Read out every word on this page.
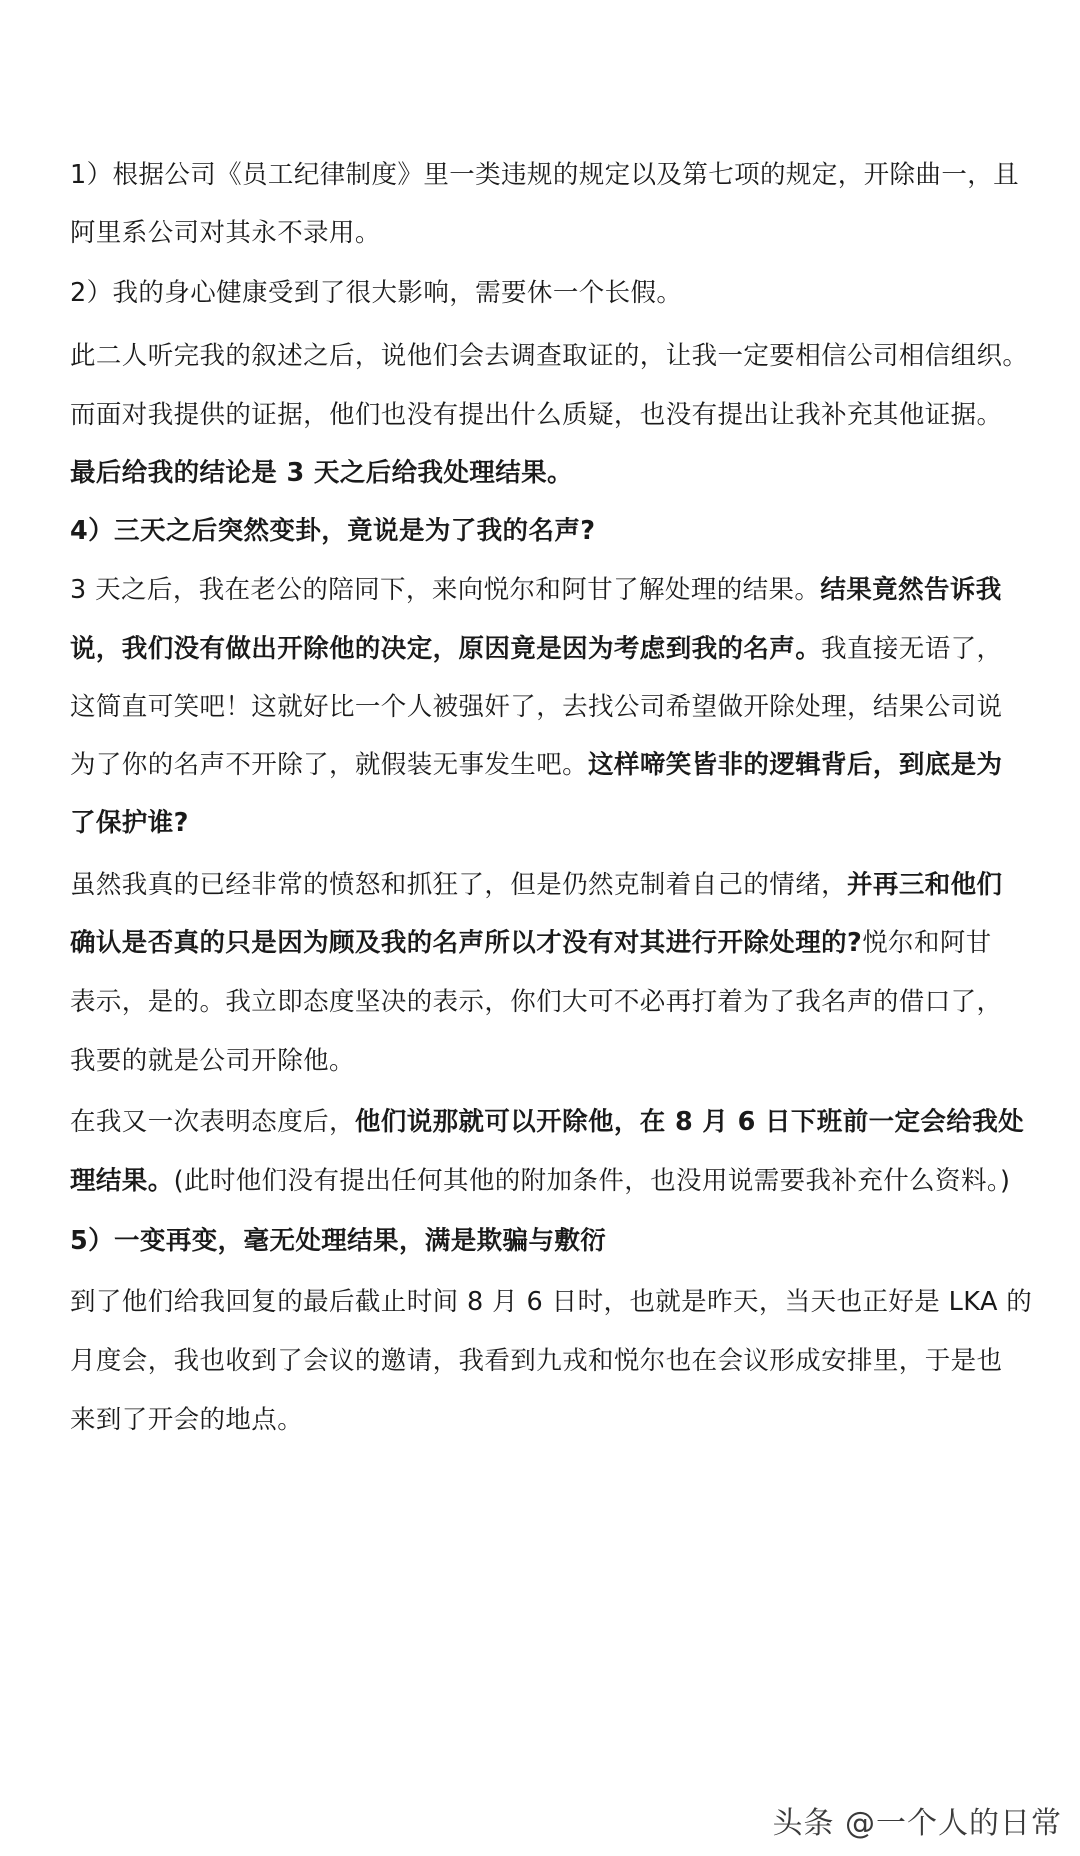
1）根据公司《员工纪律制度》里一类违规的规定以及第七项的规定，开除曲一，且
阿里系公司对其永不录用。
2）我的身心健康受到了很大影响，需要休一个长假。
此二人听完我的叙述之后，说他们会去调查取证的，让我一定要相信公司相信组织。
而面对我提供的证据，他们也没有提出什么质疑，也没有提出让我补充其他证据。
最后给我的结论是 3 天之后给我处理结果。
4）三天之后突然变卦，竟说是为了我的名声?
3 天之后，我在老公的陪同下，来向悦尔和阿甘了解处理的结果。结果竟然告诉我
说，我们没有做出开除他的决定，原因竟是因为考虑到我的名声。我直接无语了，
这简直可笑吧！这就好比一个人被强奸了，去找公司希望做开除处理，结果公司说
为了你的名声不开除了，就假装无事发生吧。这样啼笑皆非的逻辑背后，到底是为
了保护谁?
虽然我真的已经非常的愤怒和抓狂了，但是仍然克制着自己的情绪，并再三和他们
确认是否真的只是因为顾及我的名声所以才没有对其进行开除处理的?悦尔和阿甘
表示，是的。我立即态度坚决的表示，你们大可不必再打着为了我名声的借口了，
我要的就是公司开除他。
在我又一次表明态度后，他们说那就可以开除他，在 8 月 6 日下班前一定会给我处
理结果。(此时他们没有提出任何其他的附加条件，也没用说需要我补充什么资料。)
5）一变再变，毫无处理结果，满是欺骗与敷衍
到了他们给我回复的最后截止时间 8 月 6 日时，也就是昨天，当天也正好是 LKA 的
月度会，我也收到了会议的邀请，我看到九戎和悦尔也在会议形成安排里，于是也
来到了开会的地点。
头条 @一个人的日常
